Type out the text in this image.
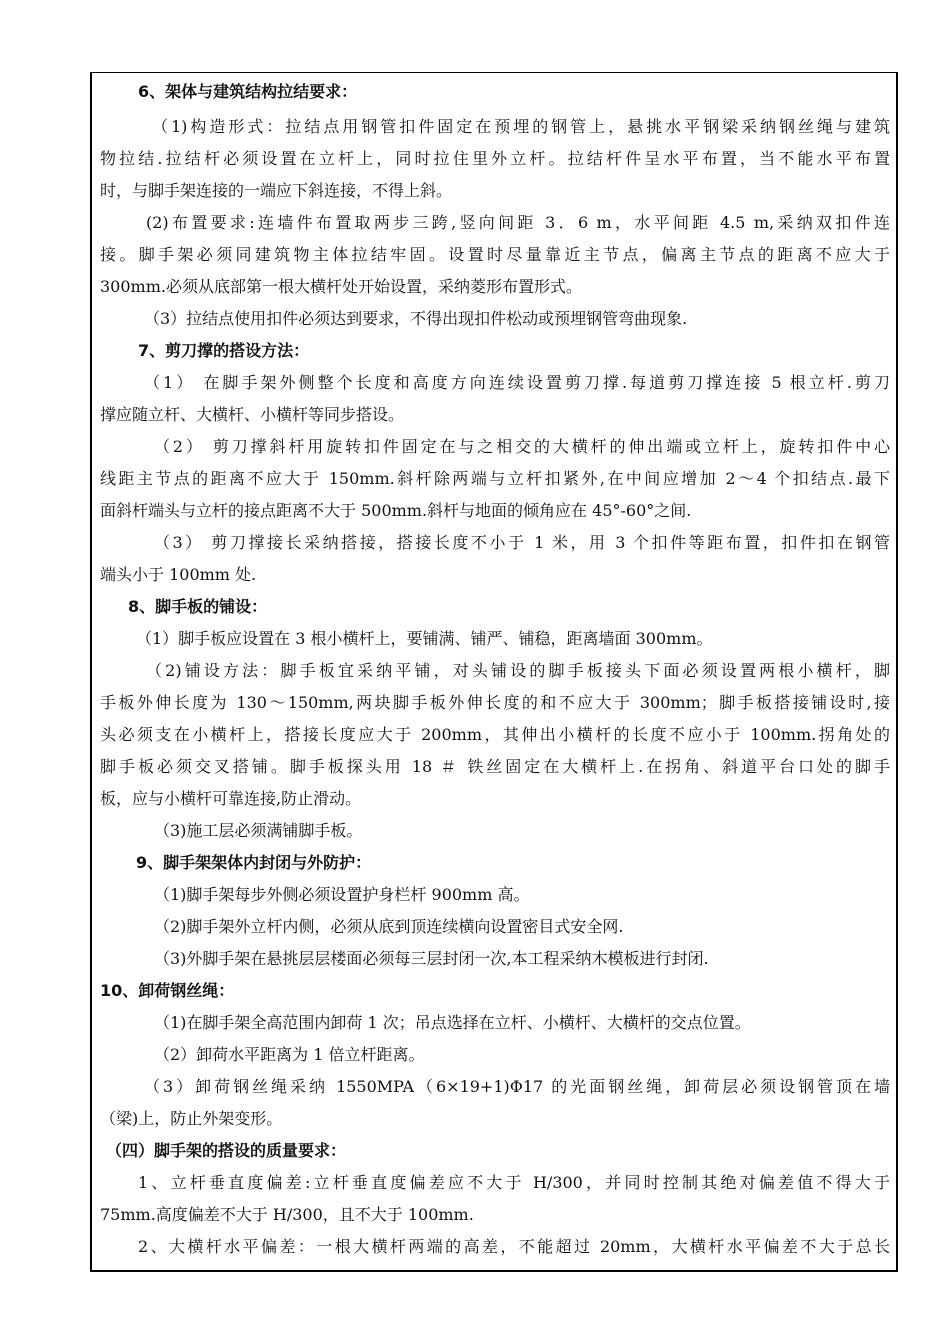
6、架体与建筑结构拉结要求：
（1)构造形式：拉结点用钢管扣件固定在预埋的钢管上，悬挑水平钢梁采纳钢丝绳与建筑
物拉结.拉结杆必须设置在立杆上，同时拉住里外立杆。拉结杆件呈水平布置，当不能水平布置
时，与脚手架连接的一端应下斜连接，不得上斜。
(2)布置要求:连墙件布置取两步三跨,竖向间距 3．6 m，水平间距 4.5 m,采纳双扣件连
接。脚手架必须同建筑物主体拉结牢固。设置时尽量靠近主节点，偏离主节点的距离不应大于
300mm.必须从底部第一根大横杆处开始设置，采纳菱形布置形式。
（3）拉结点使用扣件必须达到要求，不得出现扣件松动或预埋钢管弯曲现象.
7、剪刀撑的搭设方法：
（1） 在脚手架外侧整个长度和高度方向连续设置剪刀撑.每道剪刀撑连接 5 根立杆.剪刀
撑应随立杆、大横杆、小横杆等同步搭设。
（2） 剪刀撑斜杆用旋转扣件固定在与之相交的大横杆的伸出端或立杆上，旋转扣件中心
线距主节点的距离不应大于 150mm.斜杆除两端与立杆扣紧外,在中间应增加 2～4 个扣结点.最下
面斜杆端头与立杆的接点距离不大于 500mm.斜杆与地面的倾角应在 45°-60°之间.
（3） 剪刀撑接长采纳搭接，搭接长度不小于 1 米，用 3 个扣件等距布置，扣件扣在钢管
端头小于 100mm 处.
8、脚手板的铺设：
（1）脚手板应设置在 3 根小横杆上，要铺满、铺严、铺稳，距离墙面 300mm。
（2)铺设方法：脚手板宜采纳平铺，对头铺设的脚手板接头下面必须设置两根小横杆，脚
手板外伸长度为 130～150mm,两块脚手板外伸长度的和不应大于 300mm；脚手板搭接铺设时,接
头必须支在小横杆上，搭接长度应大于 200mm，其伸出小横杆的长度不应小于 100mm.拐角处的
脚手板必须交叉搭铺。脚手板探头用 18 ＃ 铁丝固定在大横杆上.在拐角、斜道平台口处的脚手
板，应与小横杆可靠连接,防止滑动。
（3)施工层必须满铺脚手板。
9、脚手架架体内封闭与外防护：
（1)脚手架每步外侧必须设置护身栏杆 900mm 高。
（2)脚手架外立杆内侧，必须从底到顶连续横向设置密目式安全网.
（3)外脚手架在悬挑层层楼面必须每三层封闭一次,本工程采纳木模板进行封闭.
10、卸荷钢丝绳：
（1)在脚手架全高范围内卸荷 1 次；吊点选择在立杆、小横杆、大横杆的交点位置。
（2）卸荷水平距离为 1 倍立杆距离。
（3）卸荷钢丝绳采纳 1550MPA（6×19+1)Φ17 的光面钢丝绳，卸荷层必须设钢管顶在墙
（梁)上，防止外架变形。
（四）脚手架的搭设的质量要求：
1、立杆垂直度偏差:立杆垂直度偏差应不大于 H/300，并同时控制其绝对偏差值不得大于
75mm.高度偏差不大于 H/300，且不大于 100mm.
2、大横杆水平偏差：一根大横杆两端的高差，不能超过 20mm，大横杆水平偏差不大于总长
